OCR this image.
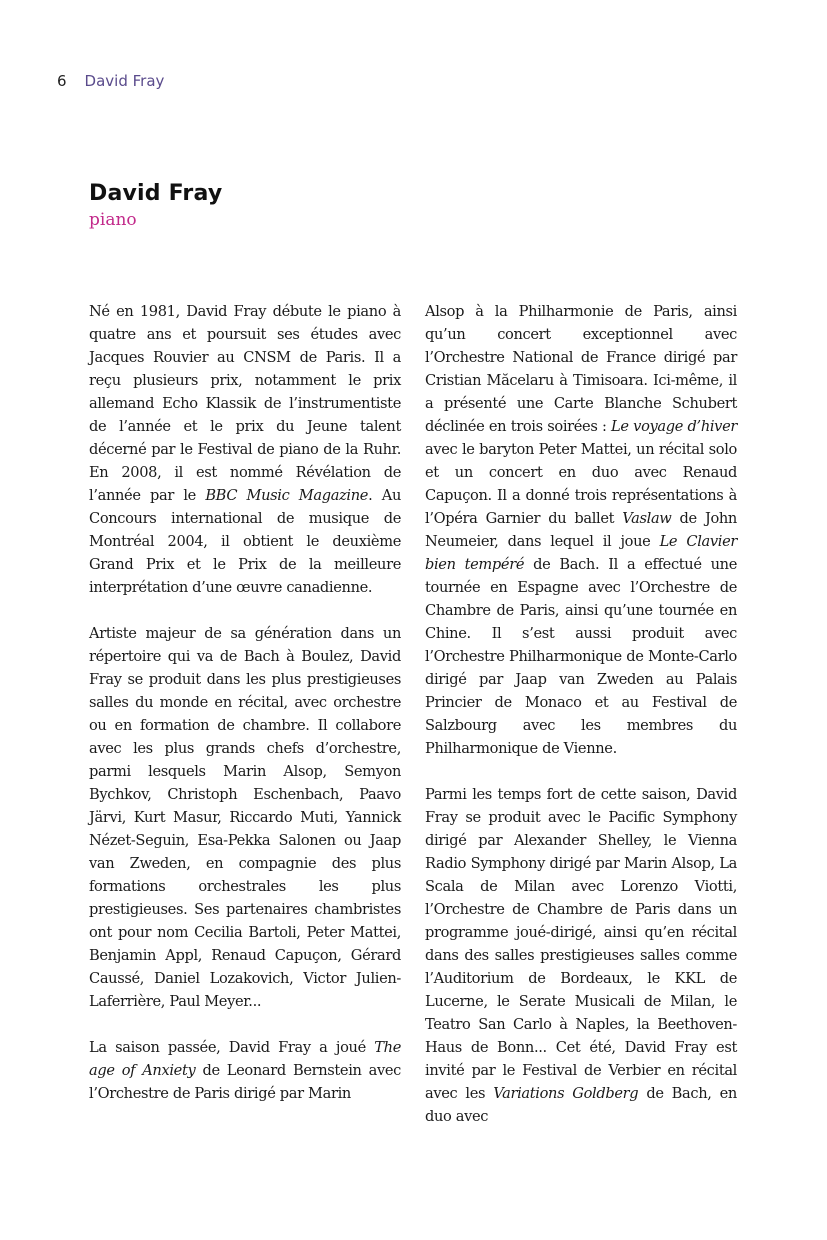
6 David Fray
David Fray
piano

Né en 1981, David Fray débute le piano à quatre ans et poursuit ses études avec Jacques Rouvier au CNSM de Paris. Il a reçu plusieurs prix, notamment le prix allemand Echo Klassik de l’instrumentiste de l’année et le prix du Jeune talent décerné par le Festival de piano de la Ruhr. En 2008, il est nommé Révélation de l’année par le BBC Music Magazine. Au Concours international de musique de Montréal 2004, il obtient le deuxième Grand Prix et le Prix de la meilleure interprétation d’une œuvre canadienne.

Artiste majeur de sa génération dans un répertoire qui va de Bach à Boulez, David Fray se produit dans les plus prestigieuses salles du monde en récital, avec orchestre ou en formation de chambre. Il collabore avec les plus grands chefs d’orchestre, parmi lesquels Marin Alsop, Semyon Bychkov, Christoph Eschenbach, Paavo Järvi, Kurt Masur, Riccardo Muti, Yannick Nézet-Seguin, Esa-Pekka Salonen ou Jaap van Zweden, en compagnie des plus formations orchestrales les plus prestigieuses. Ses partenaires chambristes ont pour nom Cecilia Bartoli, Peter Mattei, Benjamin Appl, Renaud Capuçon, Gérard Caussé, Daniel Lozakovich, Victor Julien-Laferrière, Paul Meyer...

La saison passée, David Fray a joué The age of Anxiety de Leonard Bernstein avec l’Orchestre de Paris dirigé par Marin

Alsop à la Philharmonie de Paris, ainsi qu’un concert exceptionnel avec l’Orchestre National de France dirigé par Cristian Măcelaru à Timisoara. Ici-même, il a présenté une Carte Blanche Schubert déclinée en trois soirées : Le voyage d’hiver avec le baryton Peter Mattei, un récital solo et un concert en duo avec Renaud Capuçon. Il a donné trois représentations à l’Opéra Garnier du ballet Vaslaw de John Neumeier, dans lequel il joue Le Clavier bien tempéré de Bach. Il a effectué une tournée en Espagne avec l’Orchestre de Chambre de Paris, ainsi qu’une tournée en Chine. Il s’est aussi produit avec l’Orchestre Philharmonique de Monte-Carlo dirigé par Jaap van Zweden au Palais Princier de Monaco et au Festival de Salzbourg avec les membres du Philharmonique de Vienne.

Parmi les temps fort de cette saison, David Fray se produit avec le Pacific Symphony dirigé par Alexander Shelley, le Vienna Radio Symphony dirigé par Marin Alsop, La Scala de Milan avec Lorenzo Viotti, l’Orchestre de Chambre de Paris dans un programme joué-dirigé, ainsi qu’en récital dans des salles prestigieuses salles comme l’Auditorium de Bordeaux, le KKL de Lucerne, le Serate Musicali de Milan, le Teatro San Carlo à Naples, la Beethoven-Haus de Bonn... Cet été, David Fray est invité par le Festival de Verbier en récital avec les Variations Goldberg de Bach, en duo avec
